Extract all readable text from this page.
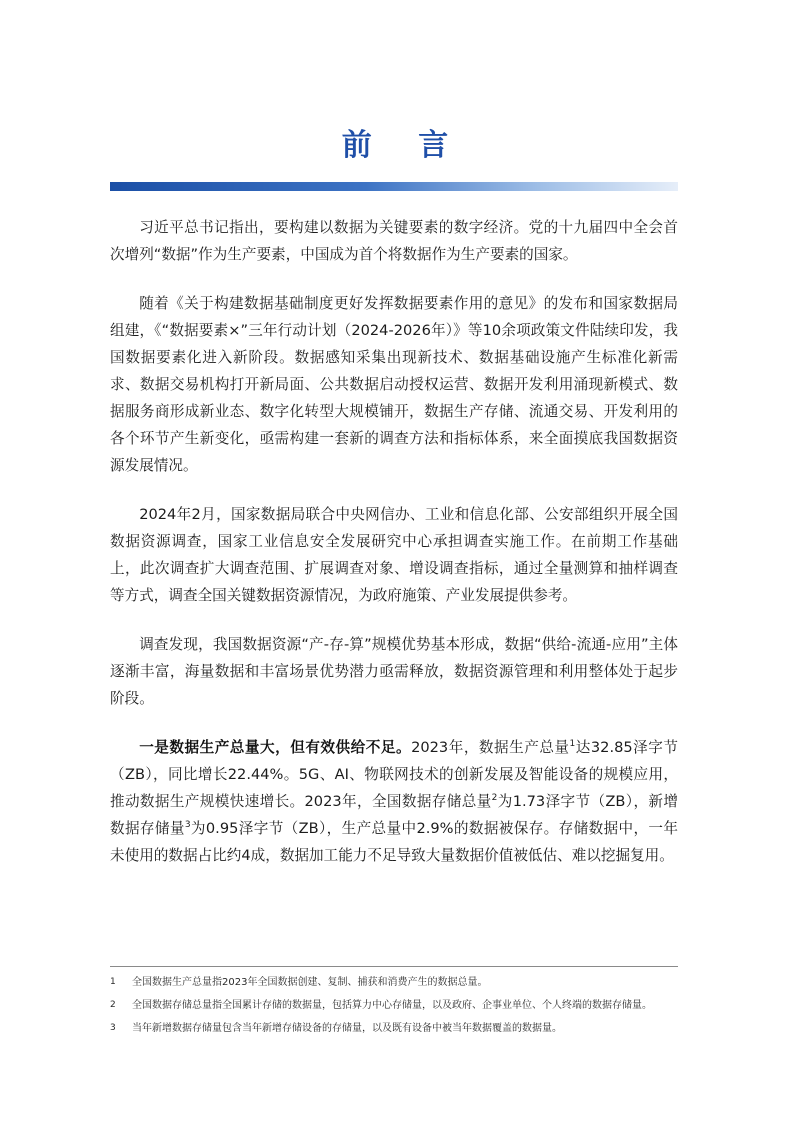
前 言

习近平总书记指出，要构建以数据为关键要素的数字经济。党的十九届四中全会首次增列“数据”作为生产要素，中国成为首个将数据作为生产要素的国家。

随着《关于构建数据基础制度更好发挥数据要素作用的意见》的发布和国家数据局组建，《“数据要素×”三年行动计划（2024-2026年）》等10余项政策文件陆续印发，我国数据要素化进入新阶段。数据感知采集出现新技术、数据基础设施产生标准化新需求、数据交易机构打开新局面、公共数据启动授权运营、数据开发利用涌现新模式、数据服务商形成新业态、数字化转型大规模铺开，数据生产存储、流通交易、开发利用的各个环节产生新变化，亟需构建一套新的调查方法和指标体系，来全面摸底我国数据资源发展情况。

2024年2月，国家数据局联合中央网信办、工业和信息化部、公安部组织开展全国数据资源调查，国家工业信息安全发展研究中心承担调查实施工作。在前期工作基础上，此次调查扩大调查范围、扩展调查对象、增设调查指标，通过全量测算和抽样调查等方式，调查全国关键数据资源情况，为政府施策、产业发展提供参考。

调查发现，我国数据资源“产-存-算”规模优势基本形成，数据“供给-流通-应用”主体逐渐丰富，海量数据和丰富场景优势潜力亟需释放，数据资源管理和利用整体处于起步阶段。

一是数据生产总量大，但有效供给不足。2023年，数据生产总量$^1$达32.85泽字节（ZB），同比增长22.44%。5G、AI、物联网技术的创新发展及智能设备的规模应用，推动数据生产规模快速增长。2023年，全国数据存储总量$^2$为1.73泽字节（ZB），新增数据存储量$^3$为0.95泽字节（ZB），生产总量中2.9%的数据被保存。存储数据中，一年未使用的数据占比约4成，数据加工能力不足导致大量数据价值被低估、难以挖掘复用。

1	全国数据生产总量指2023年全国数据创建、复制、捕获和消费产生的数据总量。
2	全国数据存储总量指全国累计存储的数据量，包括算力中心存储量，以及政府、企事业单位、个人终端的数据存储量。
3	当年新增数据存储量包含当年新增存储设备的存储量，以及既有设备中被当年数据覆盖的数据量。
